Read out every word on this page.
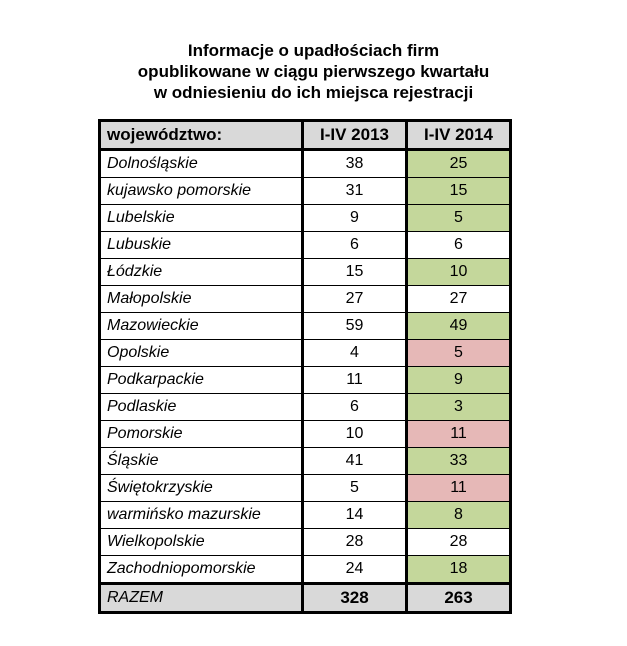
Informacje o upadłościach firm
opublikowane w ciągu pierwszego kwartału
w odniesieniu do ich miejsca rejestracji
województwo:	I-IV 2013	I-IV 2014
Dolnośląskie	38	25
kujawsko pomorskie	31	15
Lubelskie	9	5
Lubuskie	6	6
Łódzkie	15	10
Małopolskie	27	27
Mazowieckie	59	49
Opolskie	4	5
Podkarpackie	11	9
Podlaskie	6	3
Pomorskie	10	11
Śląskie	41	33
Świętokrzyskie	5	11
warmińsko mazurskie	14	8
Wielkopolskie	28	28
Zachodniopomorskie	24	18
RAZEM	328	263
